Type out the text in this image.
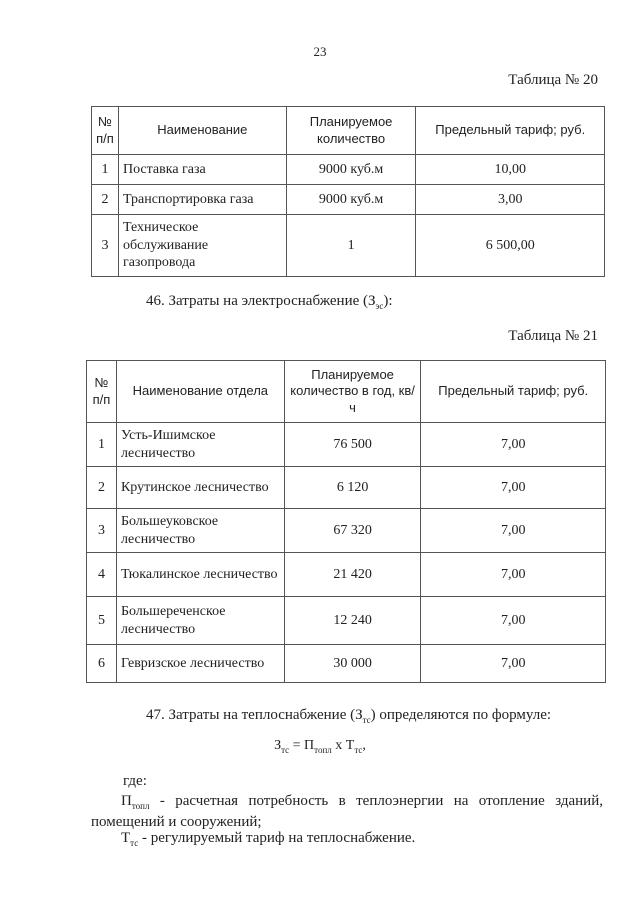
23
Таблица № 20
№ п/п	Наименование	Планируемое количество	Предельный тариф; руб.
1	Поставка газа	9000 куб.м	10,00
2	Транспортировка газа	9000 куб.м	3,00
3	Техническое обслуживание газопровода	1	6 500,00
46. Затраты на электроснабжение $(З_{эс})$:
Таблица № 21
№ п/п	Наименование отдела	Планируемое количество в год, кв/ч	Предельный тариф; руб.
1	Усть-Ишимское лесничество	76 500	7,00
2	Крутинское лесничество	6 120	7,00
3	Большеуковское лесничество	67 320	7,00
4	Тюкалинское лесничество	21 420	7,00
5	Большереченское лесничество	12 240	7,00
6	Гевризское лесничество	30 000	7,00
47. Затраты на теплоснабжение $(З_{тс})$ определяются по формуле:
$З_{тс} = П_{топл}$ х $Т_{тс}$,
где:
$П_{топл}$ - расчетная потребность в теплоэнергии на отопление зданий, помещений и сооружений;
$Т_{тс}$ - регулируемый тариф на теплоснабжение.
